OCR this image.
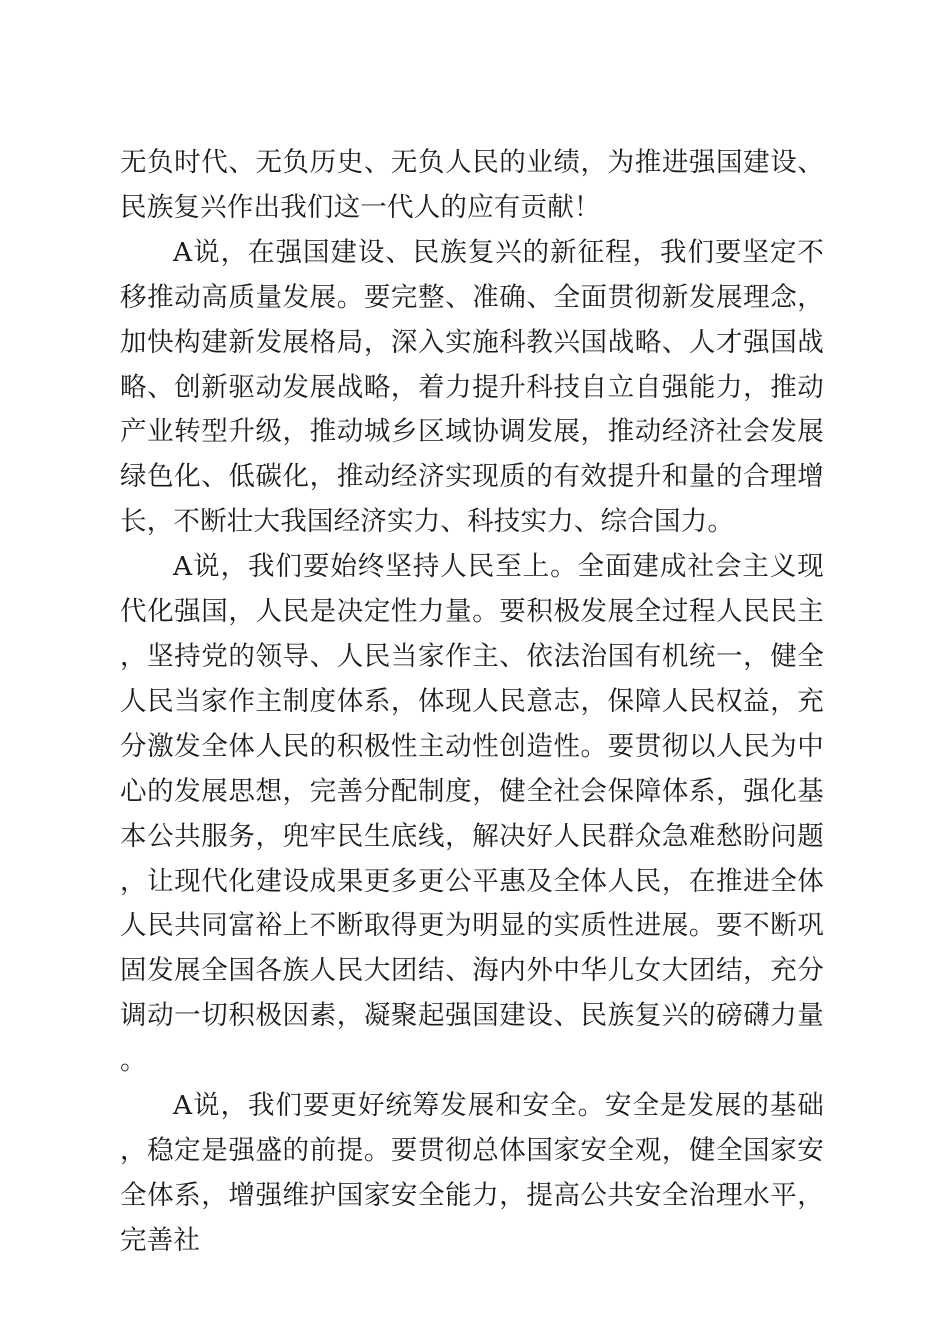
无负时代、无负历史、无负人民的业绩，为推进强国建设、民族复兴作出我们这一代人的应有贡献！

A说，在强国建设、民族复兴的新征程，我们要坚定不移推动高质量发展。要完整、准确、全面贯彻新发展理念，加快构建新发展格局，深入实施科教兴国战略、人才强国战略、创新驱动发展战略，着力提升科技自立自强能力，推动产业转型升级，推动城乡区域协调发展，推动经济社会发展绿色化、低碳化，推动经济实现质的有效提升和量的合理增长，不断壮大我国经济实力、科技实力、综合国力。

A说，我们要始终坚持人民至上。全面建成社会主义现代化强国，人民是决定性力量。要积极发展全过程人民民主，坚持党的领导、人民当家作主、依法治国有机统一，健全人民当家作主制度体系，体现人民意志，保障人民权益，充分激发全体人民的积极性主动性创造性。要贯彻以人民为中心的发展思想，完善分配制度，健全社会保障体系，强化基本公共服务，兜牢民生底线，解决好人民群众急难愁盼问题，让现代化建设成果更多更公平惠及全体人民，在推进全体人民共同富裕上不断取得更为明显的实质性进展。要不断巩固发展全国各族人民大团结、海内外中华儿女大团结，充分调动一切积极因素，凝聚起强国建设、民族复兴的磅礴力量。

A说，我们要更好统筹发展和安全。安全是发展的基础，稳定是强盛的前提。要贯彻总体国家安全观，健全国家安全体系，增强维护国家安全能力，提高公共安全治理水平，完善社
